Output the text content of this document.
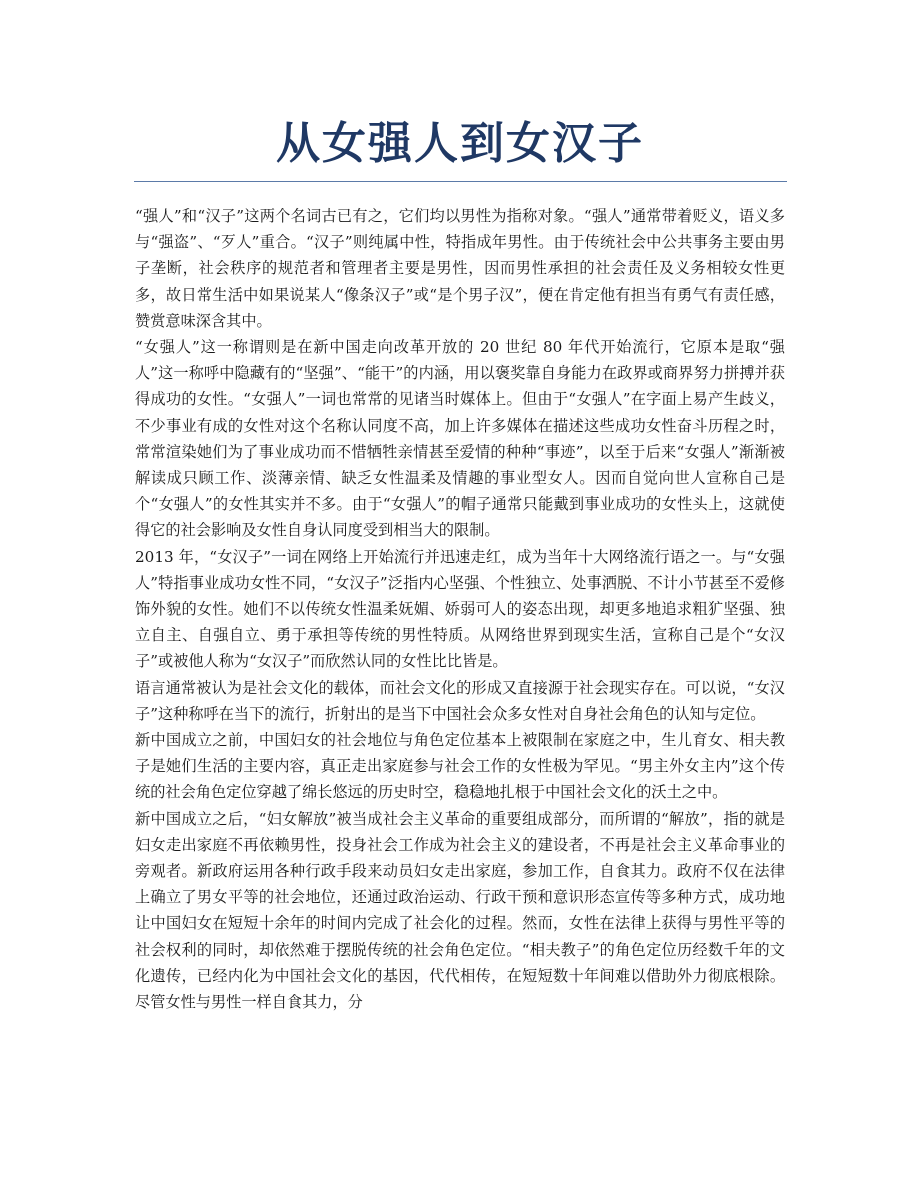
从女强人到女汉子

“强人”和“汉子”这两个名词古已有之，它们均以男性为指称对象。“强人”通常带着贬义，语义多与“强盗”、“歹人”重合。“汉子”则纯属中性，特指成年男性。由于传统社会中公共事务主要由男子垄断，社会秩序的规范者和管理者主要是男性，因而男性承担的社会责任及义务相较女性更多，故日常生活中如果说某人“像条汉子”或“是个男子汉”，便在肯定他有担当有勇气有责任感，赞赏意味深含其中。

“女强人”这一称谓则是在新中国走向改革开放的 20 世纪 80 年代开始流行，它原本是取“强人”这一称呼中隐藏有的“坚强”、“能干”的内涵，用以褒奖靠自身能力在政界或商界努力拼搏并获得成功的女性。“女强人”一词也常常的见诸当时媒体上。但由于“女强人”在字面上易产生歧义，不少事业有成的女性对这个名称认同度不高，加上许多媒体在描述这些成功女性奋斗历程之时，常常渲染她们为了事业成功而不惜牺牲亲情甚至爱情的种种“事迹”，以至于后来“女强人”渐渐被解读成只顾工作、淡薄亲情、缺乏女性温柔及情趣的事业型女人。因而自觉向世人宣称自己是个“女强人”的女性其实并不多。由于“女强人”的帽子通常只能戴到事业成功的女性头上，这就使得它的社会影响及女性自身认同度受到相当大的限制。

2013 年，“女汉子”一词在网络上开始流行并迅速走红，成为当年十大网络流行语之一。与“女强人”特指事业成功女性不同，“女汉子”泛指内心坚强、个性独立、处事洒脱、不计小节甚至不爱修饰外貌的女性。她们不以传统女性温柔妩媚、娇弱可人的姿态出现，却更多地追求粗犷坚强、独立自主、自强自立、勇于承担等传统的男性特质。从网络世界到现实生活，宣称自己是个“女汉子”或被他人称为“女汉子”而欣然认同的女性比比皆是。

语言通常被认为是社会文化的载体，而社会文化的形成又直接源于社会现实存在。可以说，“女汉子”这种称呼在当下的流行，折射出的是当下中国社会众多女性对自身社会角色的认知与定位。

新中国成立之前，中国妇女的社会地位与角色定位基本上被限制在家庭之中，生儿育女、相夫教子是她们生活的主要内容，真正走出家庭参与社会工作的女性极为罕见。“男主外女主内”这个传统的社会角色定位穿越了绵长悠远的历史时空，稳稳地扎根于中国社会文化的沃土之中。

新中国成立之后，“妇女解放”被当成社会主义革命的重要组成部分，而所谓的“解放”，指的就是妇女走出家庭不再依赖男性，投身社会工作成为社会主义的建设者，不再是社会主义革命事业的旁观者。新政府运用各种行政手段来动员妇女走出家庭，参加工作，自食其力。政府不仅在法律上确立了男女平等的社会地位，还通过政治运动、行政干预和意识形态宣传等多种方式，成功地让中国妇女在短短十余年的时间内完成了社会化的过程。然而，女性在法律上获得与男性平等的社会权利的同时，却依然难于摆脱传统的社会角色定位。“相夫教子”的角色定位历经数千年的文化遗传，已经内化为中国社会文化的基因，代代相传，在短短数十年间难以借助外力彻底根除。尽管女性与男性一样自食其力，分
